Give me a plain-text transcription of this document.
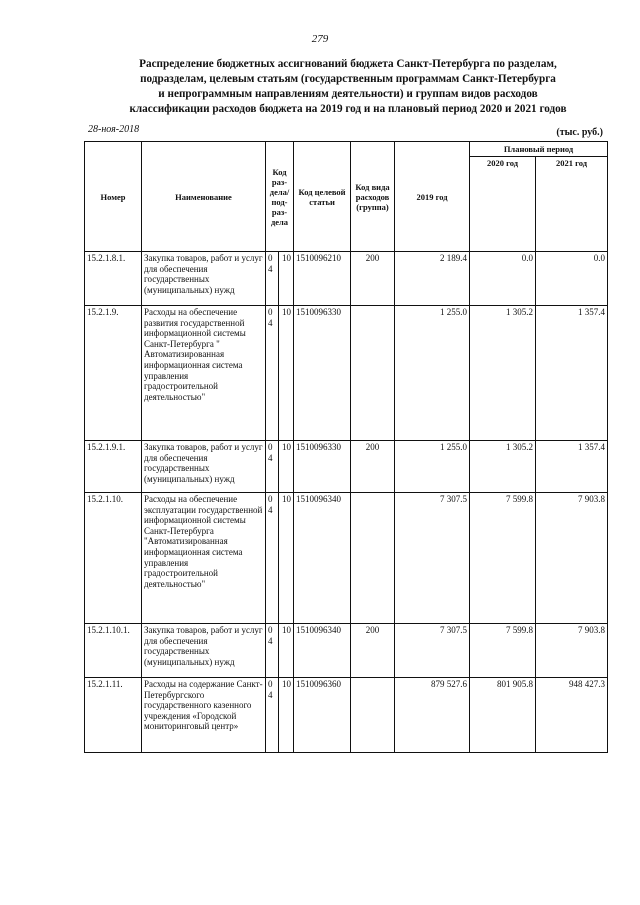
279
Распределение бюджетных ассигнований бюджета Санкт-Петербурга по разделам,
подразделам, целевым статьям (государственным программам Санкт-Петербурга
и непрограммным направлениям деятельности) и группам видов расходов
классификации расходов бюджета на 2019 год и на плановый период 2020 и 2021 годов
28-ноя-2018	(тыс. руб.)
Номер	Наименование	Код раз- дела/ под- раз- дела		Код целевой статьи	Код вида расходов (группа)	2019 год	Плановый период	
							2020 год	2021 год
15.2.1.8.1.	Закупка товаров, работ и услуг для обеспечения государственных (муниципальных) нужд	04	10	1510096210	200	2 189.4	0.0	0.0
15.2.1.9.	Расходы на обеспечение развития государственной информационной системы Санкт-Петербурга " Автоматизированная информационная система управления градостроительной деятельностью"	04	10	1510096330		1 255.0	1 305.2	1 357.4
15.2.1.9.1.	Закупка товаров, работ и услуг для обеспечения государственных (муниципальных) нужд	04	10	1510096330	200	1 255.0	1 305.2	1 357.4
15.2.1.10.	Расходы на обеспечение эксплуатации государственной информационной системы Санкт-Петербурга "Автоматизированная информационная система управления градостроительной деятельностью"	04	10	1510096340		7 307.5	7 599.8	7 903.8
15.2.1.10.1.	Закупка товаров, работ и услуг для обеспечения государственных (муниципальных) нужд	04	10	1510096340	200	7 307.5	7 599.8	7 903.8
15.2.1.11.	Расходы на содержание Санкт-Петербургского государственного казенного учреждения «Городской мониторинговый центр»	04	10	1510096360		879 527.6	801 905.8	948 427.3
